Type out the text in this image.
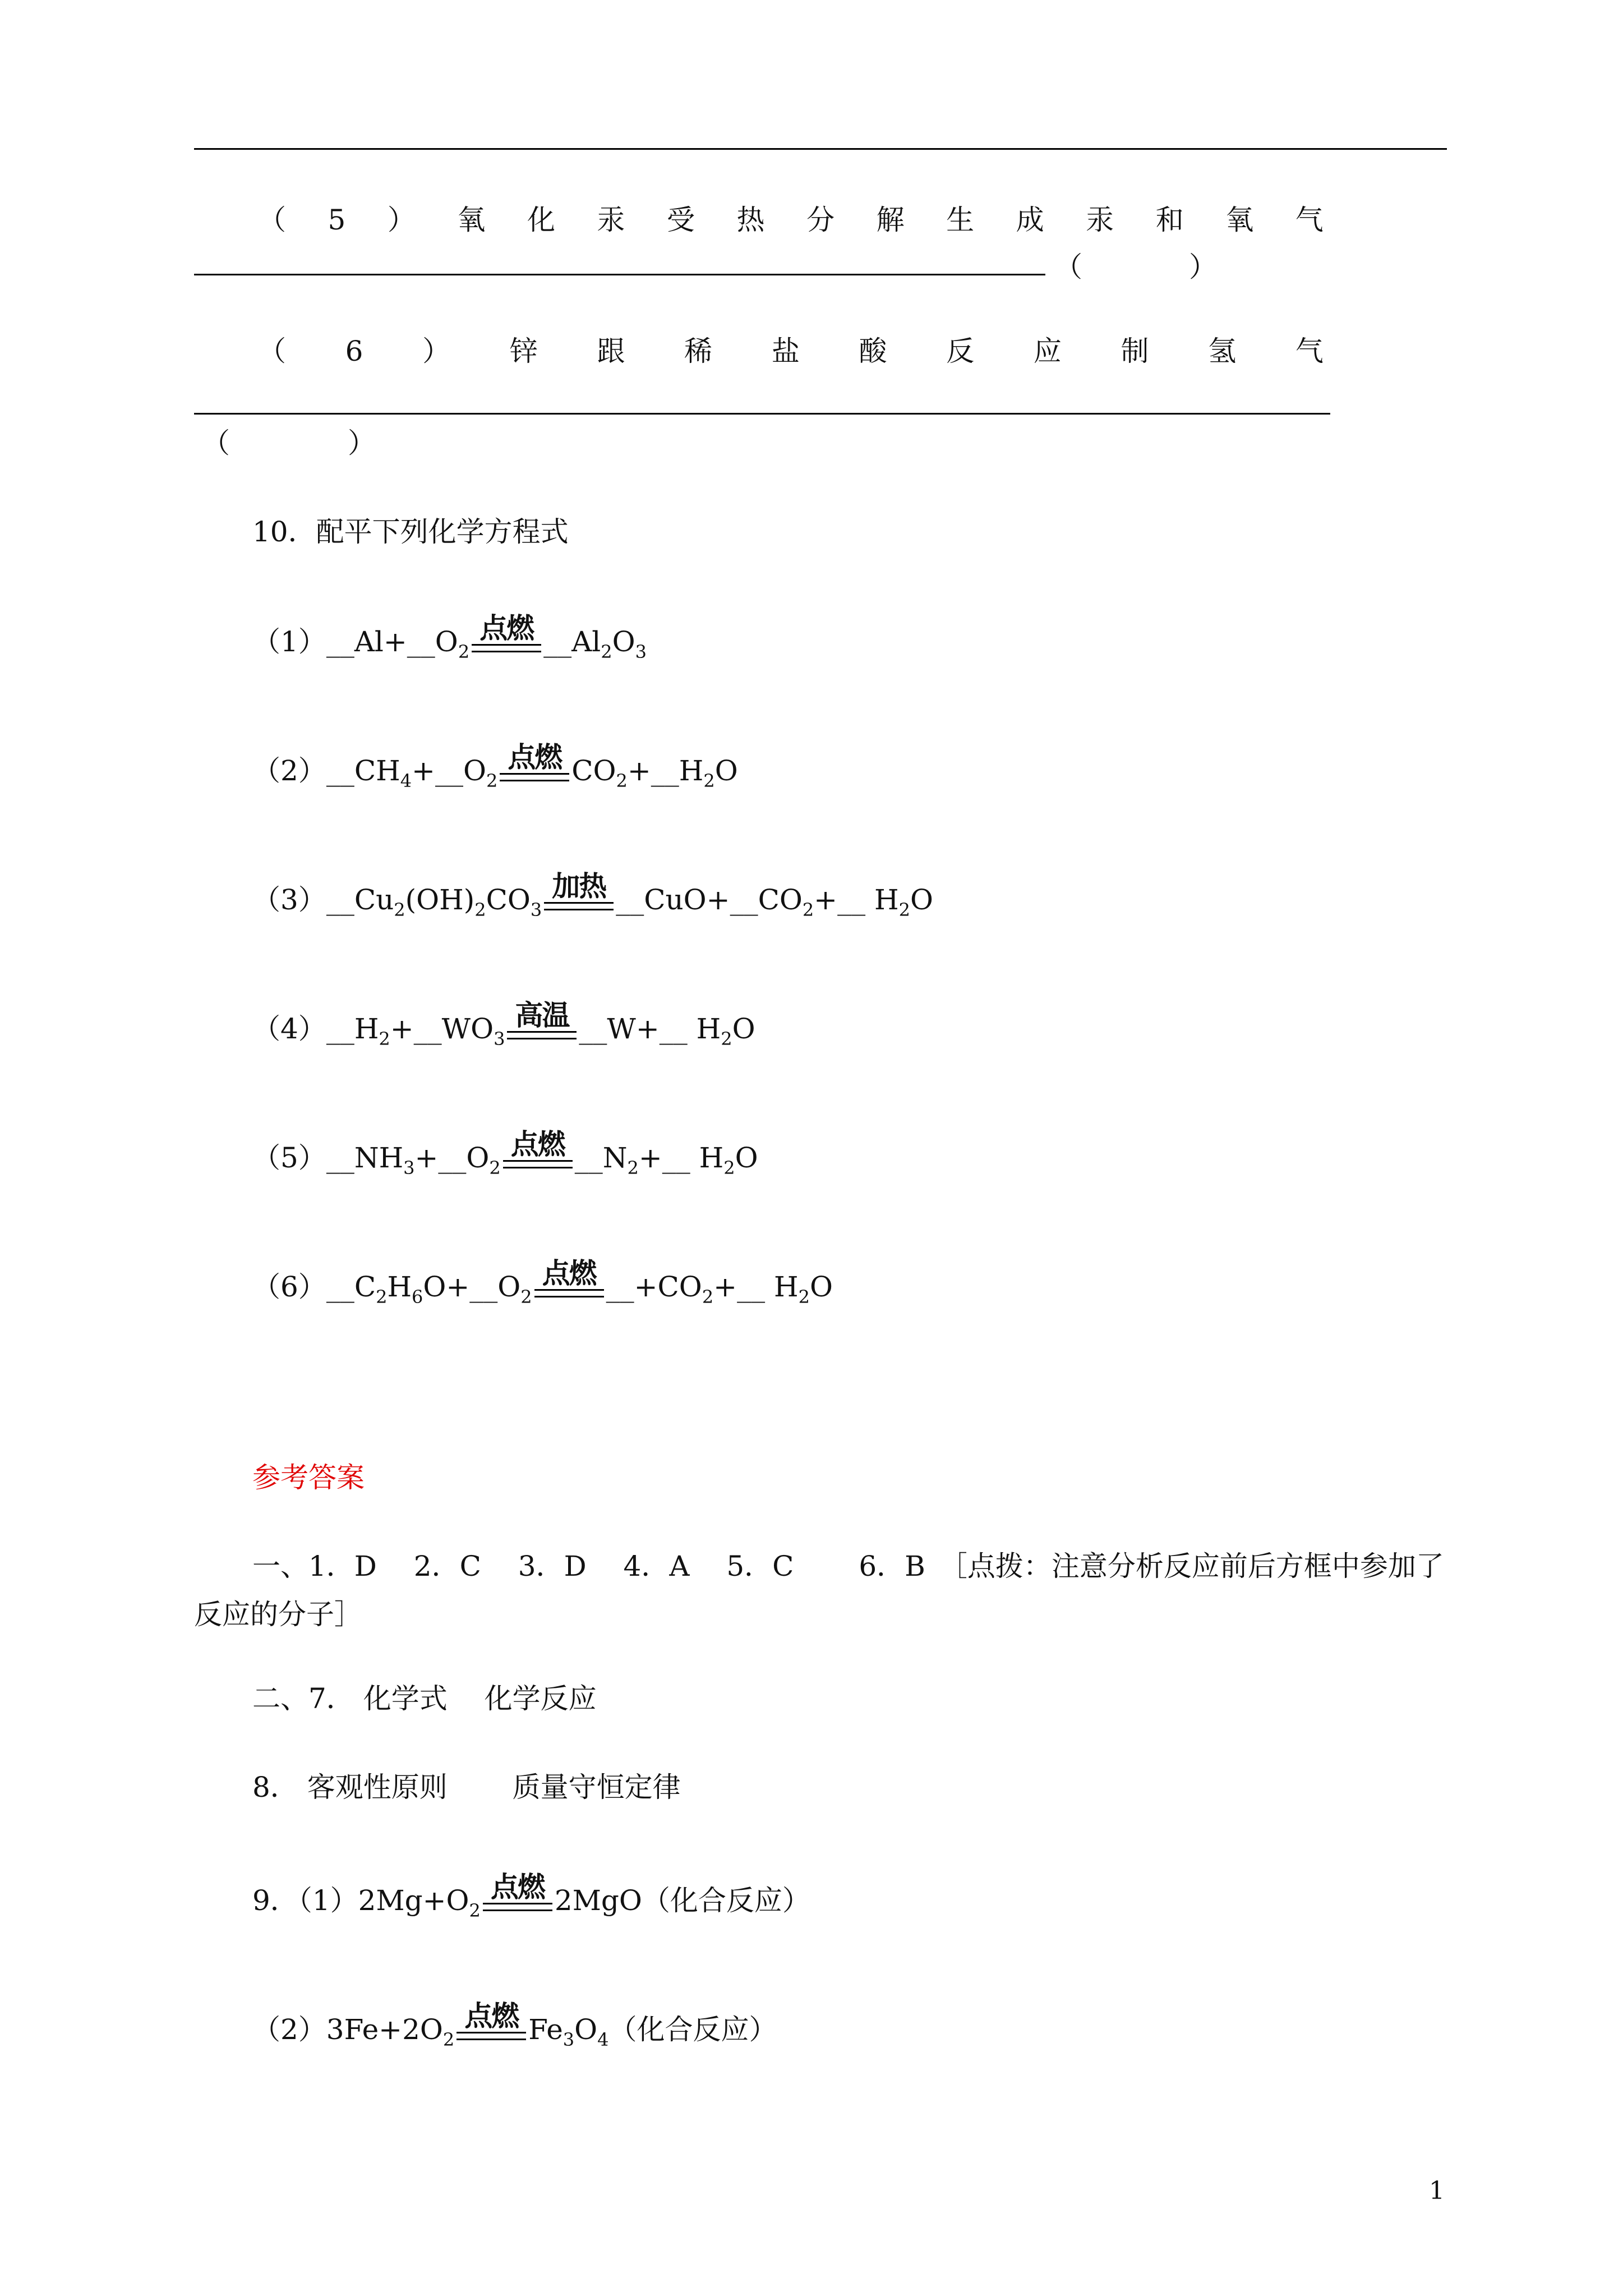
（ 5 ） 氧 化 汞 受 热 分 解 生 成 汞 和 氧 气
（	）
（ 6 ） 锌 跟 稀 盐 酸 反 应 制 氢 气
（	）
10．配平下列化学方程式
$(1)\_\_Al+\_\_O_2$
点燃 $\_\_Al_2O_3$
$(2)\_\_CH_4+\_\_O_2$
点燃 $CO_2+\_\_H_2O$
$(3)\_\_Cu_2(OH)_2CO_3$
加热 $\_\_CuO+\_\_CO_2+\_\_$ $H_2O$
$(4)\_\_H_2+\_\_WO_3$
高温 __W+__ $H_2O$
$(5)\_\_NH_3+\_\_O_2$
点燃 $\_\_N_2+\_\_$ $H_2O$
$(6)\_\_C_2H_6O+\_\_O_2$
点燃 $\_\_+CO_2+\_\_$ $H_2O$
参考答案
一、1．D　 2．C　 3．D　 4．A　 5．C　　 6．B　［点拨：注意分析反应前后方框中参加了
反应的分子］
二、7． 化学式　 化学反应
8． 客观性原则　　 质量守恒定律
9．$(1)2Mg+O_2$
点燃 2MgO（化合反应）
$(2)3Fe+2O_2$
点燃 $Fe_3O_4$（化合反应）
1
